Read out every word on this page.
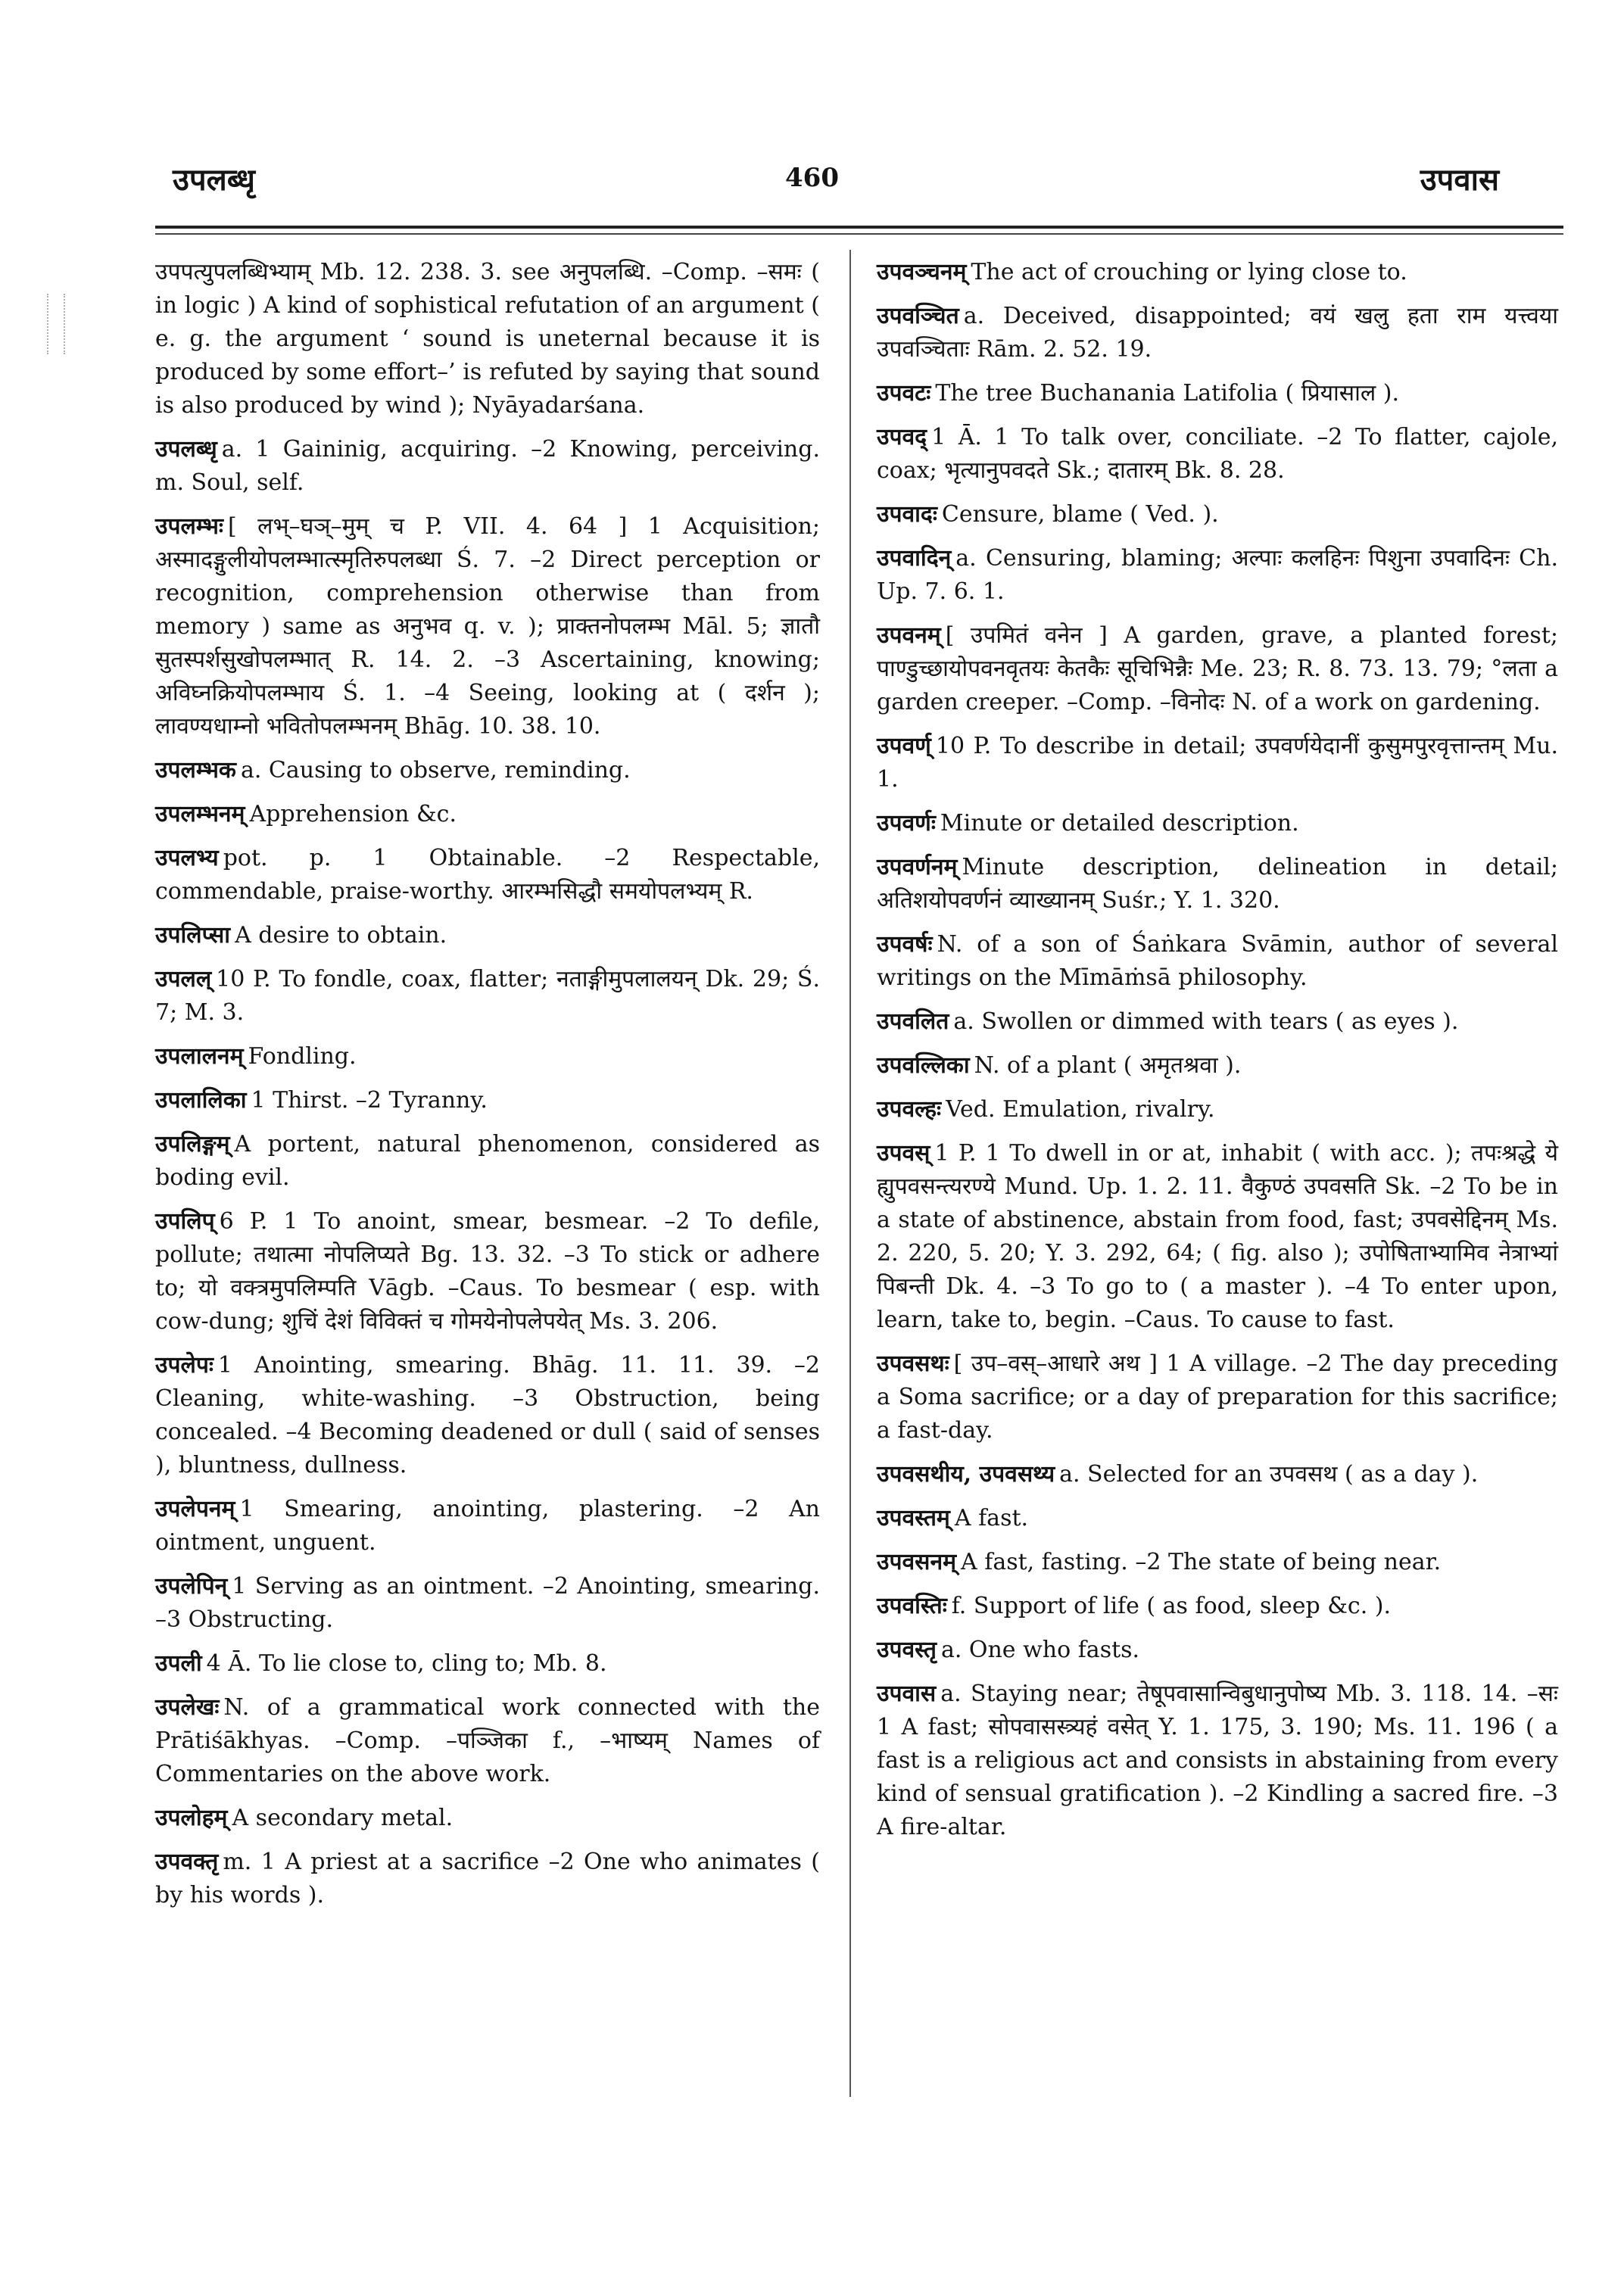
उपलब्धृ	460	उपवास
उपपत्युपलब्धिभ्याम् Mb. 12. 238. 3. see अनुपलब्धि. –Comp. –समः ( in logic ) A kind of sophistical refutation of an argument ( e. g. the argument ‘ sound is uneternal because it is produced by some effort–’ is refuted by saying that sound is also produced by wind ); Nyāyadarśana.
उपलब्धृ a. 1 Gaininig, acquiring. –2 Knowing, perceiving. m. Soul, self.
उपलम्भः [ लभ्–घञ्–मुम् च P. VII. 4. 64 ] 1 Acquisition; अस्मादङ्गुलीयोपलम्भात्स्मृतिरुपलब्धा Ś. 7. –2 Direct perception or recognition, comprehension otherwise than from memory ) same as अनुभव q. v. ); प्राक्तनोपलम्भ Māl. 5; ज्ञातौ सुतस्पर्शसुखोपलम्भात् R. 14. 2. –3 Ascertaining, knowing; अविघ्नक्रियोपलम्भाय Ś. 1. –4 Seeing, looking at ( दर्शन ); लावण्यधाम्नो भवितोपलम्भनम् Bhāg. 10. 38. 10.
उपलम्भक a. Causing to observe, reminding.
उपलम्भनम् Apprehension &c.
उपलभ्य pot. p. 1 Obtainable. –2 Respectable, commendable, praise-worthy. आरम्भसिद्धौ समयोपलभ्यम् R.
उपलिप्सा A desire to obtain.
उपलल् 10 P. To fondle, coax, flatter; नताङ्गीमुपलालयन् Dk. 29; Ś. 7; M. 3.
उपलालनम् Fondling.
उपलालिका 1 Thirst. –2 Tyranny.
उपलिङ्गम् A portent, natural phenomenon, considered as boding evil.
उपलिप् 6 P. 1 To anoint, smear, besmear. –2 To defile, pollute; तथात्मा नोपलिप्यते Bg. 13. 32. –3 To stick or adhere to; यो वक्त्रमुपलिम्पति Vāgb. –Caus. To besmear ( esp. with cow-dung; शुचिं देशं विविक्तं च गोमयेनोपलेपयेत् Ms. 3. 206.
उपलेपः 1 Anointing, smearing. Bhāg. 11. 11. 39. –2 Cleaning, white-washing. –3 Obstruction, being concealed. –4 Becoming deadened or dull ( said of senses ), bluntness, dullness.
उपलेपनम् 1 Smearing, anointing, plastering. –2 An ointment, unguent.
उपलेपिन् 1 Serving as an ointment. –2 Anointing, smearing. –3 Obstructing.
उपली 4 Ā. To lie close to, cling to; Mb. 8.
उपलेखः N. of a grammatical work connected with the Prātiśākhyas. –Comp. –पञ्जिका f., –भाष्यम् Names of Commentaries on the above work.
उपलोहम् A secondary metal.
उपवक्तृ m. 1 A priest at a sacrifice –2 One who animates ( by his words ).
उपवञ्चनम् The act of crouching or lying close to.
उपवञ्चित a. Deceived, disappointed; वयं खलु हता राम यत्त्वया उपवञ्चिताः Rām. 2. 52. 19.
उपवटः The tree Buchanania Latifolia ( प्रियासाल ).
उपवद् 1 Ā. 1 To talk over, conciliate. –2 To flatter, cajole, coax; भृत्यानुपवदते Sk.; दातारम् Bk. 8. 28.
उपवादः Censure, blame ( Ved. ).
उपवादिन् a. Censuring, blaming; अल्पाः कलहिनः पिशुना उपवादिनः Ch. Up. 7. 6. 1.
उपवनम् [ उपमितं वनेन ] A garden, grave, a planted forest; पाण्डुच्छायोपवनवृतयः केतकैः सूचिभिन्नैः Me. 23; R. 8. 73. 13. 79; °लता a garden creeper. –Comp. –विनोदः N. of a work on gardening.
उपवर्ण् 10 P. To describe in detail; उपवर्णयेदानीं कुसुमपुरवृत्तान्तम् Mu. 1.
उपवर्णः Minute or detailed description.
उपवर्णनम् Minute description, delineation in detail; अतिशयोपवर्णनं व्याख्यानम् Suśr.; Y. 1. 320.
उपवर्षः N. of a son of Śaṅkara Svāmin, author of several writings on the Mīmāṁsā philosophy.
उपवलित a. Swollen or dimmed with tears ( as eyes ).
उपवल्लिका N. of a plant ( अमृतश्रवा ).
उपवल्हः Ved. Emulation, rivalry.
उपवस् 1 P. 1 To dwell in or at, inhabit ( with acc. ); तपःश्रद्धे ये ह्युपवसन्त्यरण्ये Mund. Up. 1. 2. 11. वैकुण्ठं उपवसति Sk. –2 To be in a state of abstinence, abstain from food, fast; उपवसेद्दिनम् Ms. 2. 220, 5. 20; Y. 3. 292, 64; ( fig. also ); उपोषिताभ्यामिव नेत्राभ्यां पिबन्ती Dk. 4. –3 To go to ( a master ). –4 To enter upon, learn, take to, begin. –Caus. To cause to fast.
उपवसथः [ उप–वस्–आधारे अथ ] 1 A village. –2 The day preceding a Soma sacrifice; or a day of preparation for this sacrifice; a fast-day.
उपवसथीय, उपवसथ्य a. Selected for an उपवसथ ( as a day ).
उपवस्तम् A fast.
उपवसनम् A fast, fasting. –2 The state of being near.
उपवस्तिः f. Support of life ( as food, sleep &c. ).
उपवस्तृ a. One who fasts.
उपवास a. Staying near; तेषूपवासान्विबुधानुपोष्य Mb. 3. 118. 14. –सः 1 A fast; सोपवासस्त्र्यहं वसेत् Y. 1. 175, 3. 190; Ms. 11. 196 ( a fast is a religious act and consists in abstaining from every kind of sensual gratification ). –2 Kindling a sacred fire. –3 A fire-altar.
